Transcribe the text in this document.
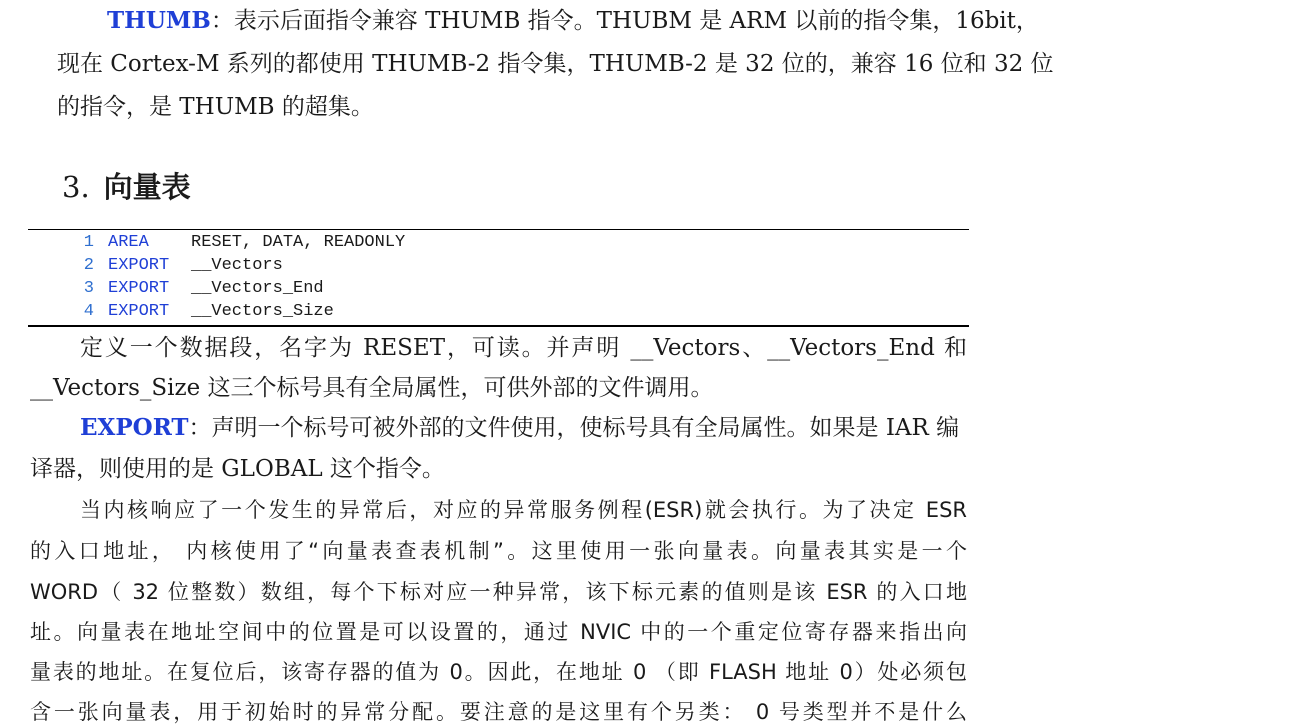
THUMB：表示后面指令兼容 THUMB 指令。THUBM 是 ARM 以前的指令集，16bit，
现在 Cortex-M 系列的都使用 THUMB-2 指令集，THUMB-2 是 32 位的，兼容 16 位和 32 位
的指令，是 THUMB 的超集。
3. 向量表
1 AREA RESET, DATA, READONLY
2 EXPORT __Vectors
3 EXPORT __Vectors_End
4 EXPORT __Vectors_Size
定义一个数据段，名字为 RESET，可读。并声明 __Vectors、__Vectors_End 和
__Vectors_Size 这三个标号具有全局属性，可供外部的文件调用。
EXPORT：声明一个标号可被外部的文件使用，使标号具有全局属性。如果是 IAR 编
译器，则使用的是 GLOBAL 这个指令。
当内核响应了一个发生的异常后，对应的异常服务例程(ESR)就会执行。为了决定 ESR
的入口地址， 内核使用了“向量表查表机制”。这里使用一张向量表。向量表其实是一个
WORD（ 32 位整数）数组，每个下标对应一种异常，该下标元素的值则是该 ESR 的入口地
址。向量表在地址空间中的位置是可以设置的，通过 NVIC 中的一个重定位寄存器来指出向
量表的地址。在复位后，该寄存器的值为 0。因此，在地址 0 （即 FLASH 地址 0）处必须包
含一张向量表，用于初始时的异常分配。要注意的是这里有个另类： 0 号类型并不是什么
